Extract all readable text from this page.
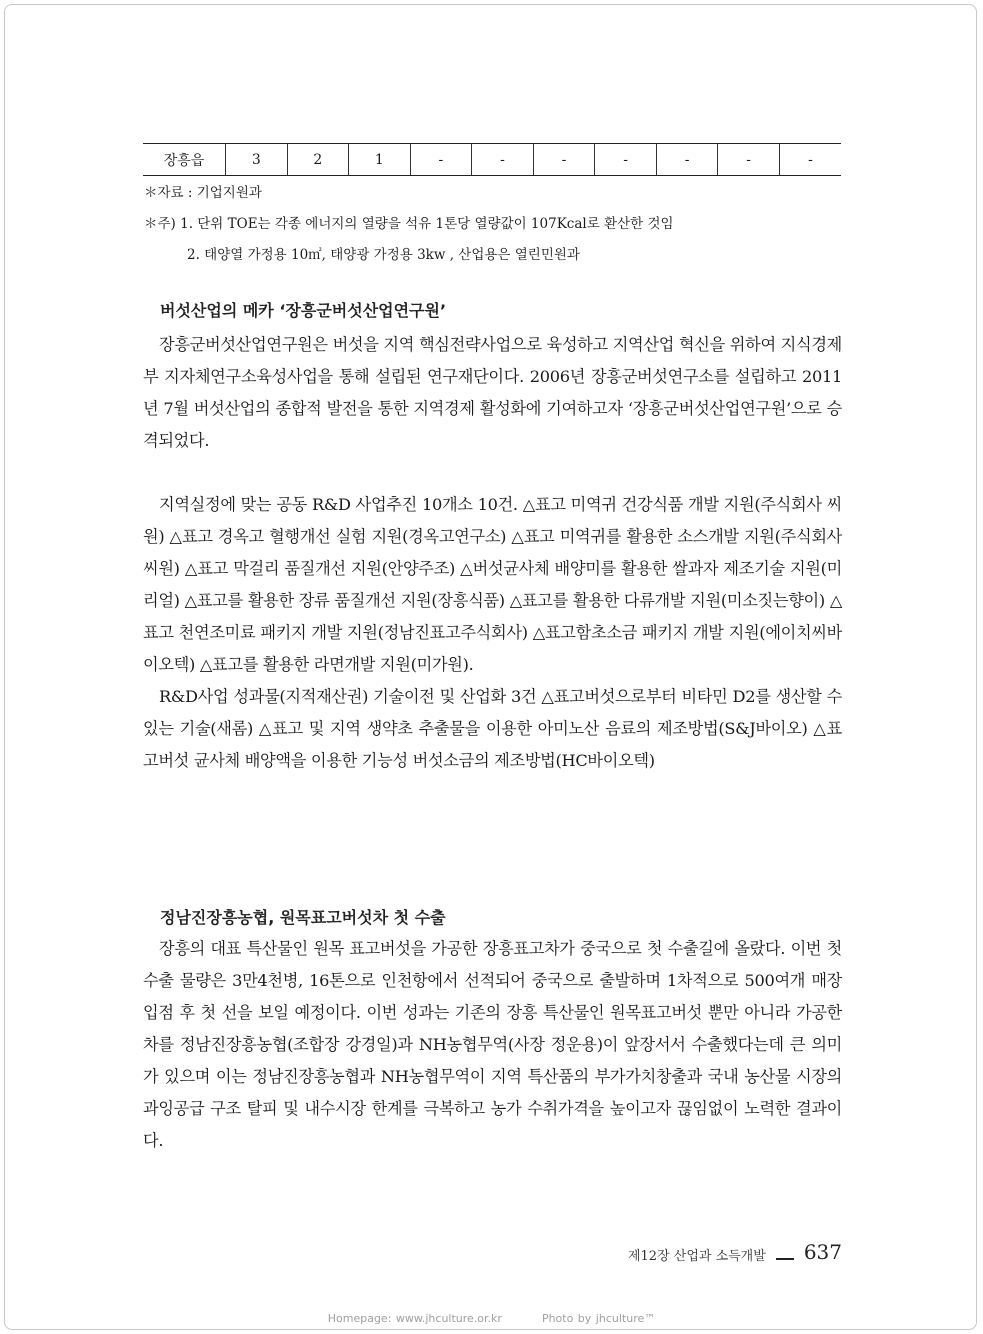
장흥읍	3	2	1	-	-	-	-	-	-	-
＊자료 : 기업지원과
＊주) 1. 단위 TOE는 각종 에너지의 열량을 석유 1톤당 열량값이 107Kcal로 환산한 것임
2. 태양열 가정용 10㎡, 태양광 가정용 3kw , 산업용은 열린민원과
버섯산업의 메카 ‘장흥군버섯산업연구원’

장흥군버섯산업연구원은 버섯을 지역 핵심전략사업으로 육성하고 지역산업 혁신을 위하여 지식경제부 지자체연구소육성사업을 통해 설립된 연구재단이다. 2006년 장흥군버섯연구소를 설립하고 2011년 7월 버섯산업의 종합적 발전을 통한 지역경제 활성화에 기여하고자 ‘장흥군버섯산업연구원’으로 승격되었다.

지역실정에 맞는 공동 R&D 사업추진 10개소 10건. △표고 미역귀 건강식품 개발 지원(주식회사 씨원) △표고 경옥고 혈행개선 실험 지원(경옥고연구소) △표고 미역귀를 활용한 소스개발 지원(주식회사 씨원) △표고 막걸리 품질개선 지원(안양주조) △버섯균사체 배양미를 활용한 쌀과자 제조기술 지원(미리얼) △표고를 활용한 장류 품질개선 지원(장흥식품) △표고를 활용한 다류개발 지원(미소짓는향이) △표고 천연조미료 패키지 개발 지원(정남진표고주식회사) △표고함초소금 패키지 개발 지원(에이치씨바이오텍) △표고를 활용한 라면개발 지원(미가원).

R&D사업 성과물(지적재산권) 기술이전 및 산업화 3건 △표고버섯으로부터 비타민 D2를 생산할 수 있는 기술(새롬) △표고 및 지역 생약초 추출물을 이용한 아미노산 음료의 제조방법(S&J바이오) △표고버섯 균사체 배양액을 이용한 기능성 버섯소금의 제조방법(HC바이오텍)

정남진장흥농협, 원목표고버섯차 첫 수출

장흥의 대표 특산물인 원목 표고버섯을 가공한 장흥표고차가 중국으로 첫 수출길에 올랐다. 이번 첫 수출 물량은 3만4천병, 16톤으로 인천항에서 선적되어 중국으로 출발하며 1차적으로 500여개 매장 입점 후 첫 선을 보일 예정이다. 이번 성과는 기존의 장흥 특산물인 원목표고버섯 뿐만 아니라 가공한 차를 정남진장흥농협(조합장 강경일)과 NH농협무역(사장 정운용)이 앞장서서 수출했다는데 큰 의미가 있으며 이는 정남진장흥농협과 NH농협무역이 지역 특산품의 부가가치창출과 국내 농산물 시장의 과잉공급 구조 탈피 및 내수시장 한계를 극복하고 농가 수취가격을 높이고자 끊임없이 노력한 결과이다.

제12장 산업과 소득개발 637
Homepage: www.jhculture.or.kr	Photo by jhculture™
